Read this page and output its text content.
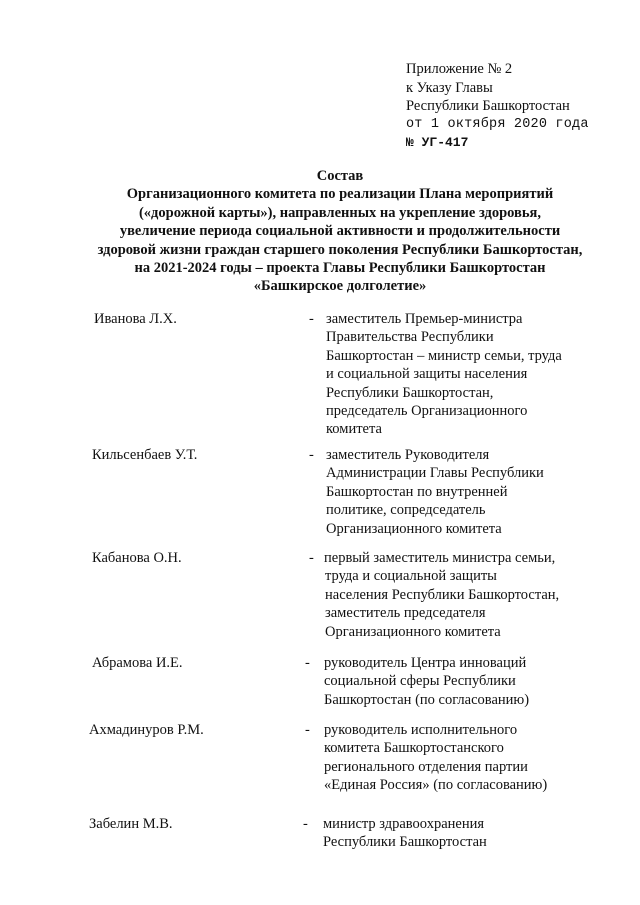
Приложение № 2
к Указу Главы
Республики Башкортостан
от 1 октября 2020 года
№ УГ-417
Состав
Организационного комитета по реализации Плана мероприятий
(«дорожной карты»), направленных на укрепление здоровья,
увеличение периода социальной активности и продолжительности
здоровой жизни граждан старшего поколения Республики Башкортостан,
на 2021-2024 годы – проекта Главы Республики Башкортостан
«Башкирское долголетие»
Иванова Л.Х.	- заместитель Премьер-министра
Правительства Республики
Башкортостан – министр семьи, труда
и социальной защиты населения
Республики Башкортостан,
председатель Организационного
комитета
Кильсенбаев У.Т.	- заместитель Руководителя
Администрации Главы Республики
Башкортостан по внутренней
политике, сопредседатель
Организационного комитета
Кабанова О.Н.	- первый заместитель министра семьи,
труда и социальной защиты
населения Республики Башкортостан,
заместитель председателя
Организационного комитета
Абрамова И.Е.	- руководитель Центра инноваций
социальной сферы Республики
Башкортостан (по согласованию)
Ахмадинуров Р.М.	- руководитель исполнительного
комитета Башкортостанского
регионального отделения партии
«Единая Россия» (по согласованию)
Забелин М.В.	- министр здравоохранения
Республики Башкортостан
